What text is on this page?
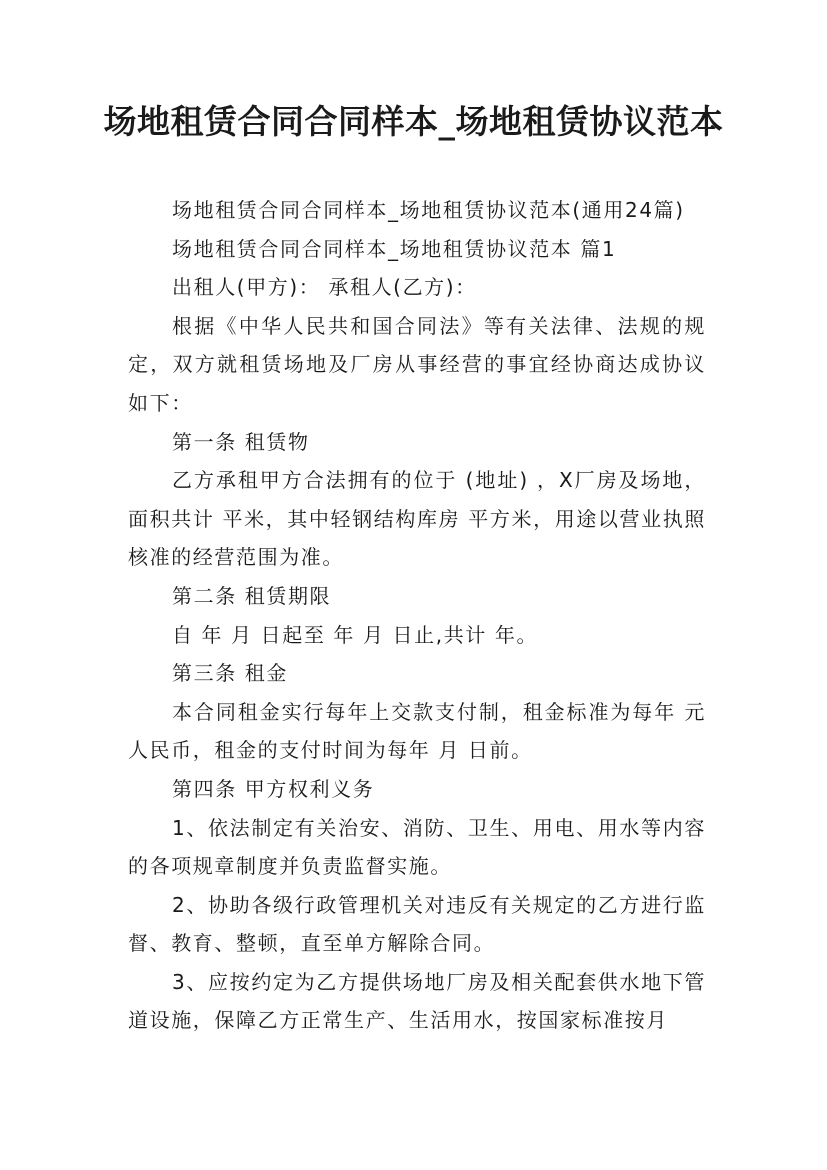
场地租赁合同合同样本_场地租赁协议范本

场地租赁合同合同样本_场地租赁协议范本(通用24篇)

场地租赁合同合同样本_场地租赁协议范本 篇1

出租人(甲方)： 承租人(乙方)：

根据《中华人民共和国合同法》等有关法律、法规的规定，双方就租赁场地及厂房从事经营的事宜经协商达成协议如下：

第一条 租赁物

乙方承租甲方合法拥有的位于 (地址) ，X厂房及场地，面积共计 平米，其中轻钢结构库房 平方米，用途以营业执照核准的经营范围为准。

第二条 租赁期限

自 年 月 日起至 年 月 日止,共计 年。

第三条 租金

本合同租金实行每年上交款支付制，租金标准为每年 元人民币，租金的支付时间为每年 月 日前。

第四条 甲方权利义务

1、依法制定有关治安、消防、卫生、用电、用水等内容的各项规章制度并负责监督实施。

2、协助各级行政管理机关对违反有关规定的乙方进行监督、教育、整顿，直至单方解除合同。

3、应按约定为乙方提供场地厂房及相关配套供水地下管道设施，保障乙方正常生产、生活用水，按国家标准按月
